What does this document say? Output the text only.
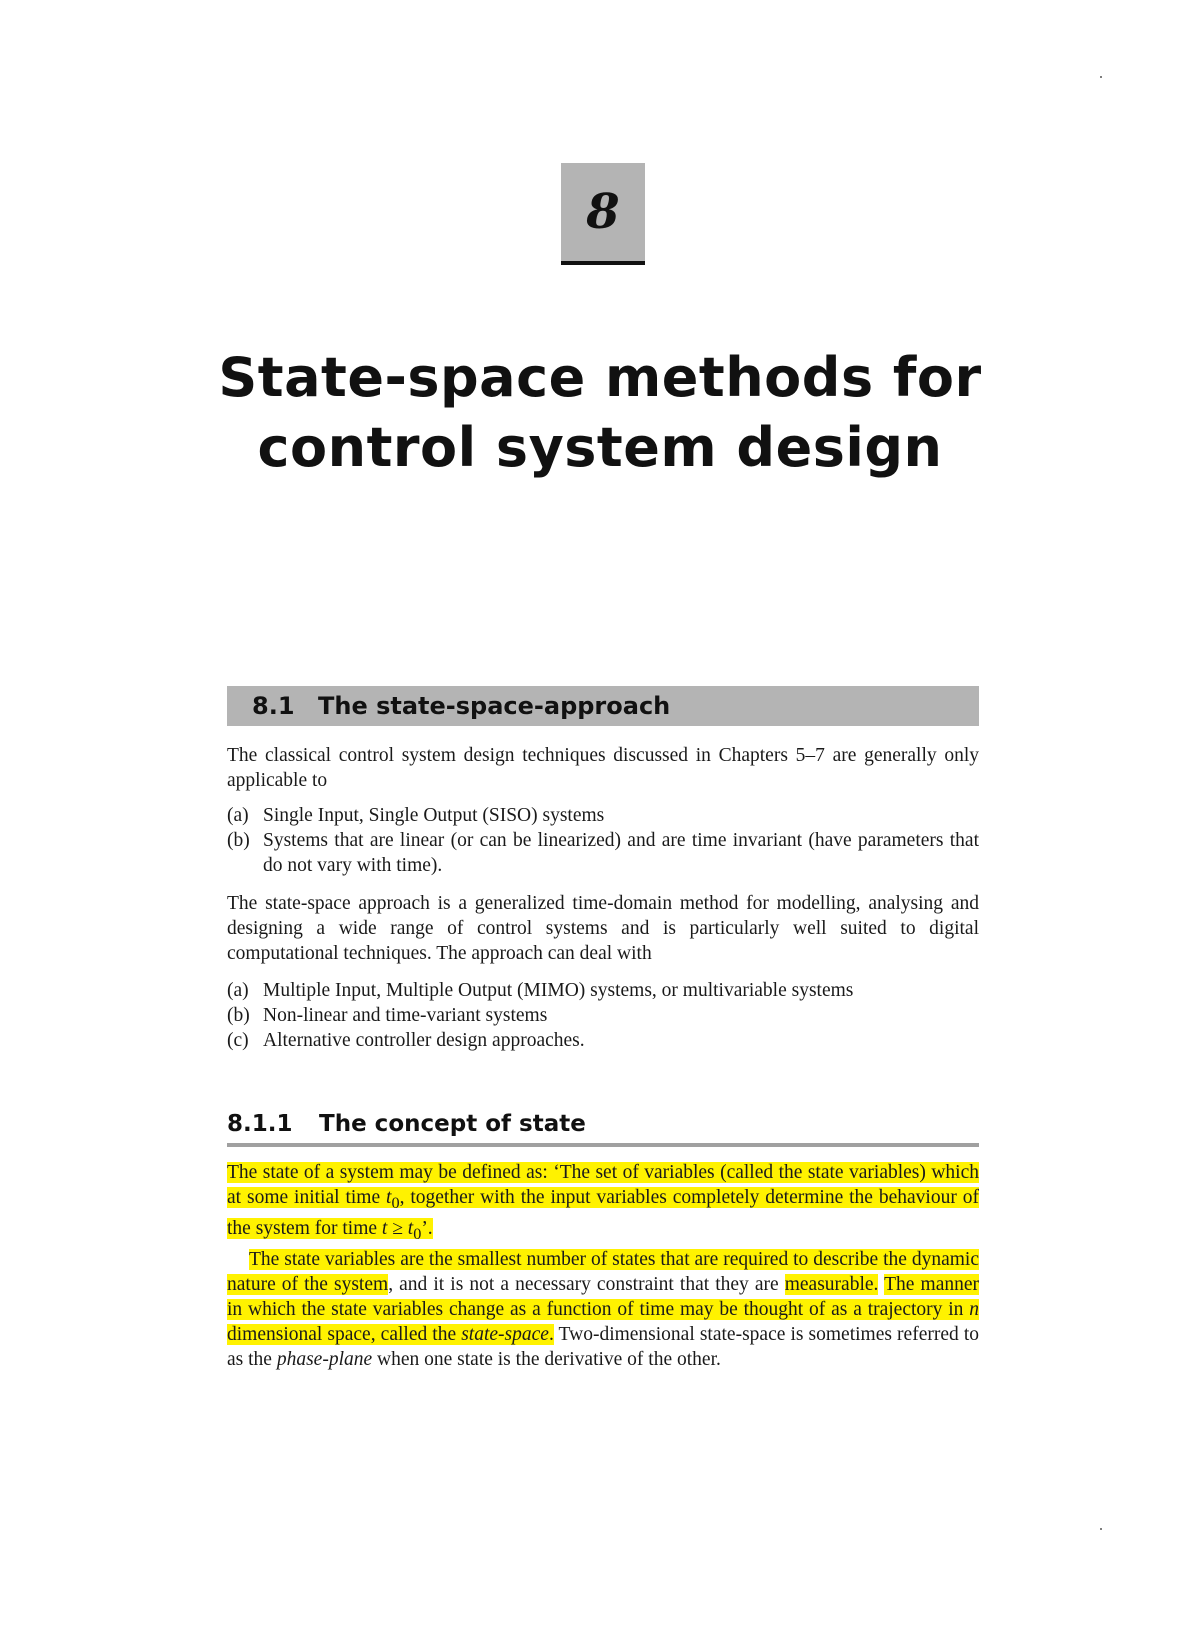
8
State-space methods for
control system design
8.1 The state-space-approach

The classical control system design techniques discussed in Chapters 5–7 are generally only applicable to

(a) Single Input, Single Output (SISO) systems
(b) Systems that are linear (or can be linearized) and are time invariant (have parameters that do not vary with time).

The state-space approach is a generalized time-domain method for modelling, analysing and designing a wide range of control systems and is particularly well suited to digital computational techniques. The approach can deal with

(a) Multiple Input, Multiple Output (MIMO) systems, or multivariable systems
(b) Non-linear and time-variant systems
(c) Alternative controller design approaches.
8.1.1 The concept of state

The state of a system may be defined as: ‘The set of variables (called the state variables) which at some initial time $t_0$, together with the input variables completely determine the behaviour of the system for time $t \ge t_0$’.

The state variables are the smallest number of states that are required to describe the dynamic nature of the system, and it is not a necessary constraint that they are measurable. The manner in which the state variables change as a function of time may be thought of as a trajectory in n dimensional space, called the state-space. Two-dimensional state-space is sometimes referred to as the phase-plane when one state is the derivative of the other.
